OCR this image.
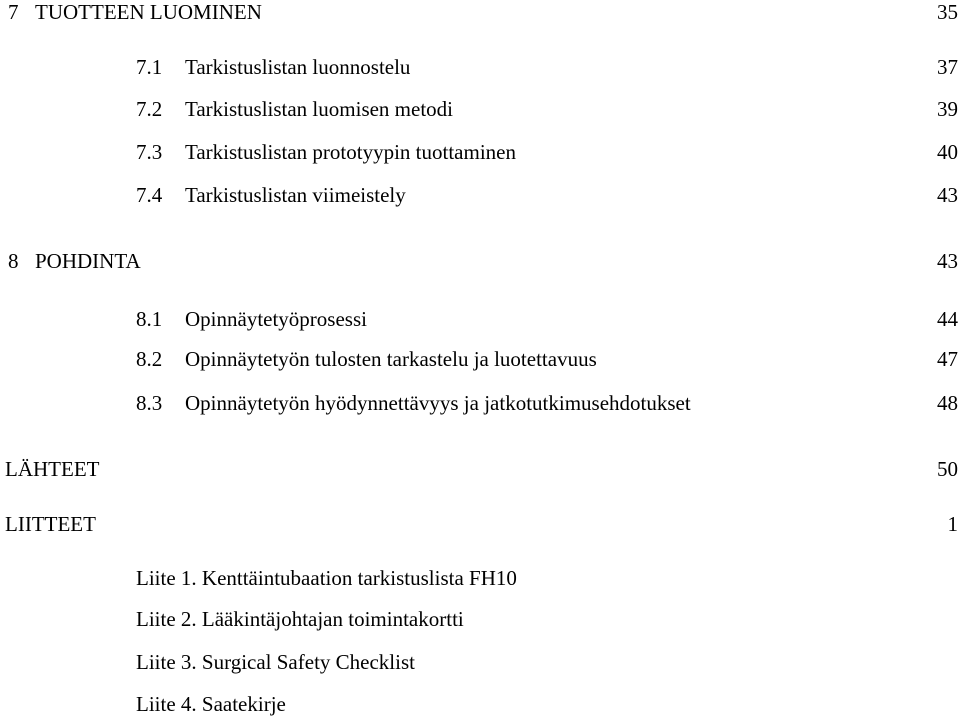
7 TUOTTEEN LUOMINEN	35
7.1 Tarkistuslistan luonnostelu	37
7.2 Tarkistuslistan luomisen metodi	39
7.3 Tarkistuslistan prototyypin tuottaminen	40
7.4 Tarkistuslistan viimeistely	43
8 POHDINTA	43
8.1 Opinnäytetyöprosessi	44
8.2 Opinnäytetyön tulosten tarkastelu ja luotettavuus	47
8.3 Opinnäytetyön hyödynnettävyys ja jatkotutkimusehdotukset	48
LÄHTEET	50
LIITTEET	1
Liite 1. Kenttäintubaation tarkistuslista FH10
Liite 2. Lääkintäjohtajan toimintakortti
Liite 3. Surgical Safety Checklist
Liite 4. Saatekirje
